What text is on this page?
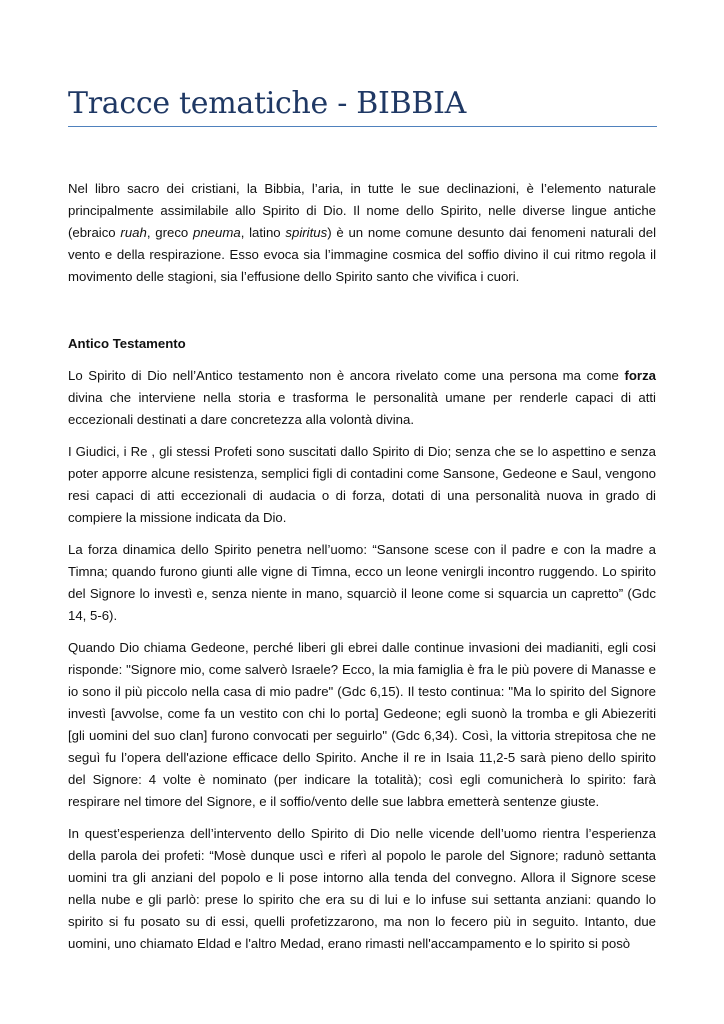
Tracce tematiche - BIBBIA

Nel libro sacro dei cristiani, la Bibbia, l’aria, in tutte le sue declinazioni, è l’elemento naturale principalmente assimilabile allo Spirito di Dio. Il nome dello Spirito, nelle diverse lingue antiche (ebraico ruah, greco pneuma, latino spiritus) è un nome comune desunto dai fenomeni naturali del vento e della respirazione. Esso evoca sia l’immagine cosmica del soffio divino il cui ritmo regola il movimento delle stagioni, sia l’effusione dello Spirito santo che vivifica i cuori.

Antico Testamento

Lo Spirito di Dio nell’Antico testamento non è ancora rivelato come una persona ma come forza divina che interviene nella storia e trasforma le personalità umane per renderle capaci di atti eccezionali destinati a dare concretezza alla volontà divina.

I Giudici, i Re , gli stessi Profeti sono suscitati dallo Spirito di Dio; senza che se lo aspettino e senza poter apporre alcune resistenza, semplici figli di contadini come Sansone, Gedeone e Saul, vengono resi capaci di atti eccezionali di audacia o di forza, dotati di una personalità nuova in grado di compiere la missione indicata da Dio.

La forza dinamica dello Spirito penetra nell’uomo: “Sansone scese con il padre e con la madre a Timna; quando furono giunti alle vigne di Timna, ecco un leone venirgli incontro ruggendo. Lo spirito del Signore lo investì e, senza niente in mano, squarciò il leone come si squarcia un capretto” (Gdc 14, 5-6).

Quando Dio chiama Gedeone, perché liberi gli ebrei dalle continue invasioni dei madianiti, egli cosi risponde: "Signore mio, come salverò Israele? Ecco, la mia famiglia è fra le più povere di Manasse e io sono il più piccolo nella casa di mio padre" (Gdc 6,15). Il testo continua: "Ma lo spirito del Signore investì [avvolse, come fa un vestito con chi lo porta] Gedeone; egli suonò la tromba e gli Abiezeriti [gli uomini del suo clan] furono convocati per seguirlo" (Gdc 6,34). Così, la vittoria strepitosa che ne seguì fu l’opera dell'azione efficace dello Spirito. Anche il re in Isaia 11,2-5 sarà pieno dello spirito del Signore: 4 volte è nominato (per indicare la totalità); così egli comunicherà lo spirito: farà respirare nel timore del Signore, e il soffio/vento delle sue labbra emetterà sentenze giuste.

In quest’esperienza dell’intervento dello Spirito di Dio nelle vicende dell’uomo rientra l’esperienza della parola dei profeti: “Mosè dunque uscì e riferì al popolo le parole del Signore; radunò settanta uomini tra gli anziani del popolo e li pose intorno alla tenda del convegno. Allora il Signore scese nella nube e gli parlò: prese lo spirito che era su di lui e lo infuse sui settanta anziani: quando lo spirito si fu posato su di essi, quelli profetizzarono, ma non lo fecero più in seguito. Intanto, due uomini, uno chiamato Eldad e l'altro Medad, erano rimasti nell'accampamento e lo spirito si posò
